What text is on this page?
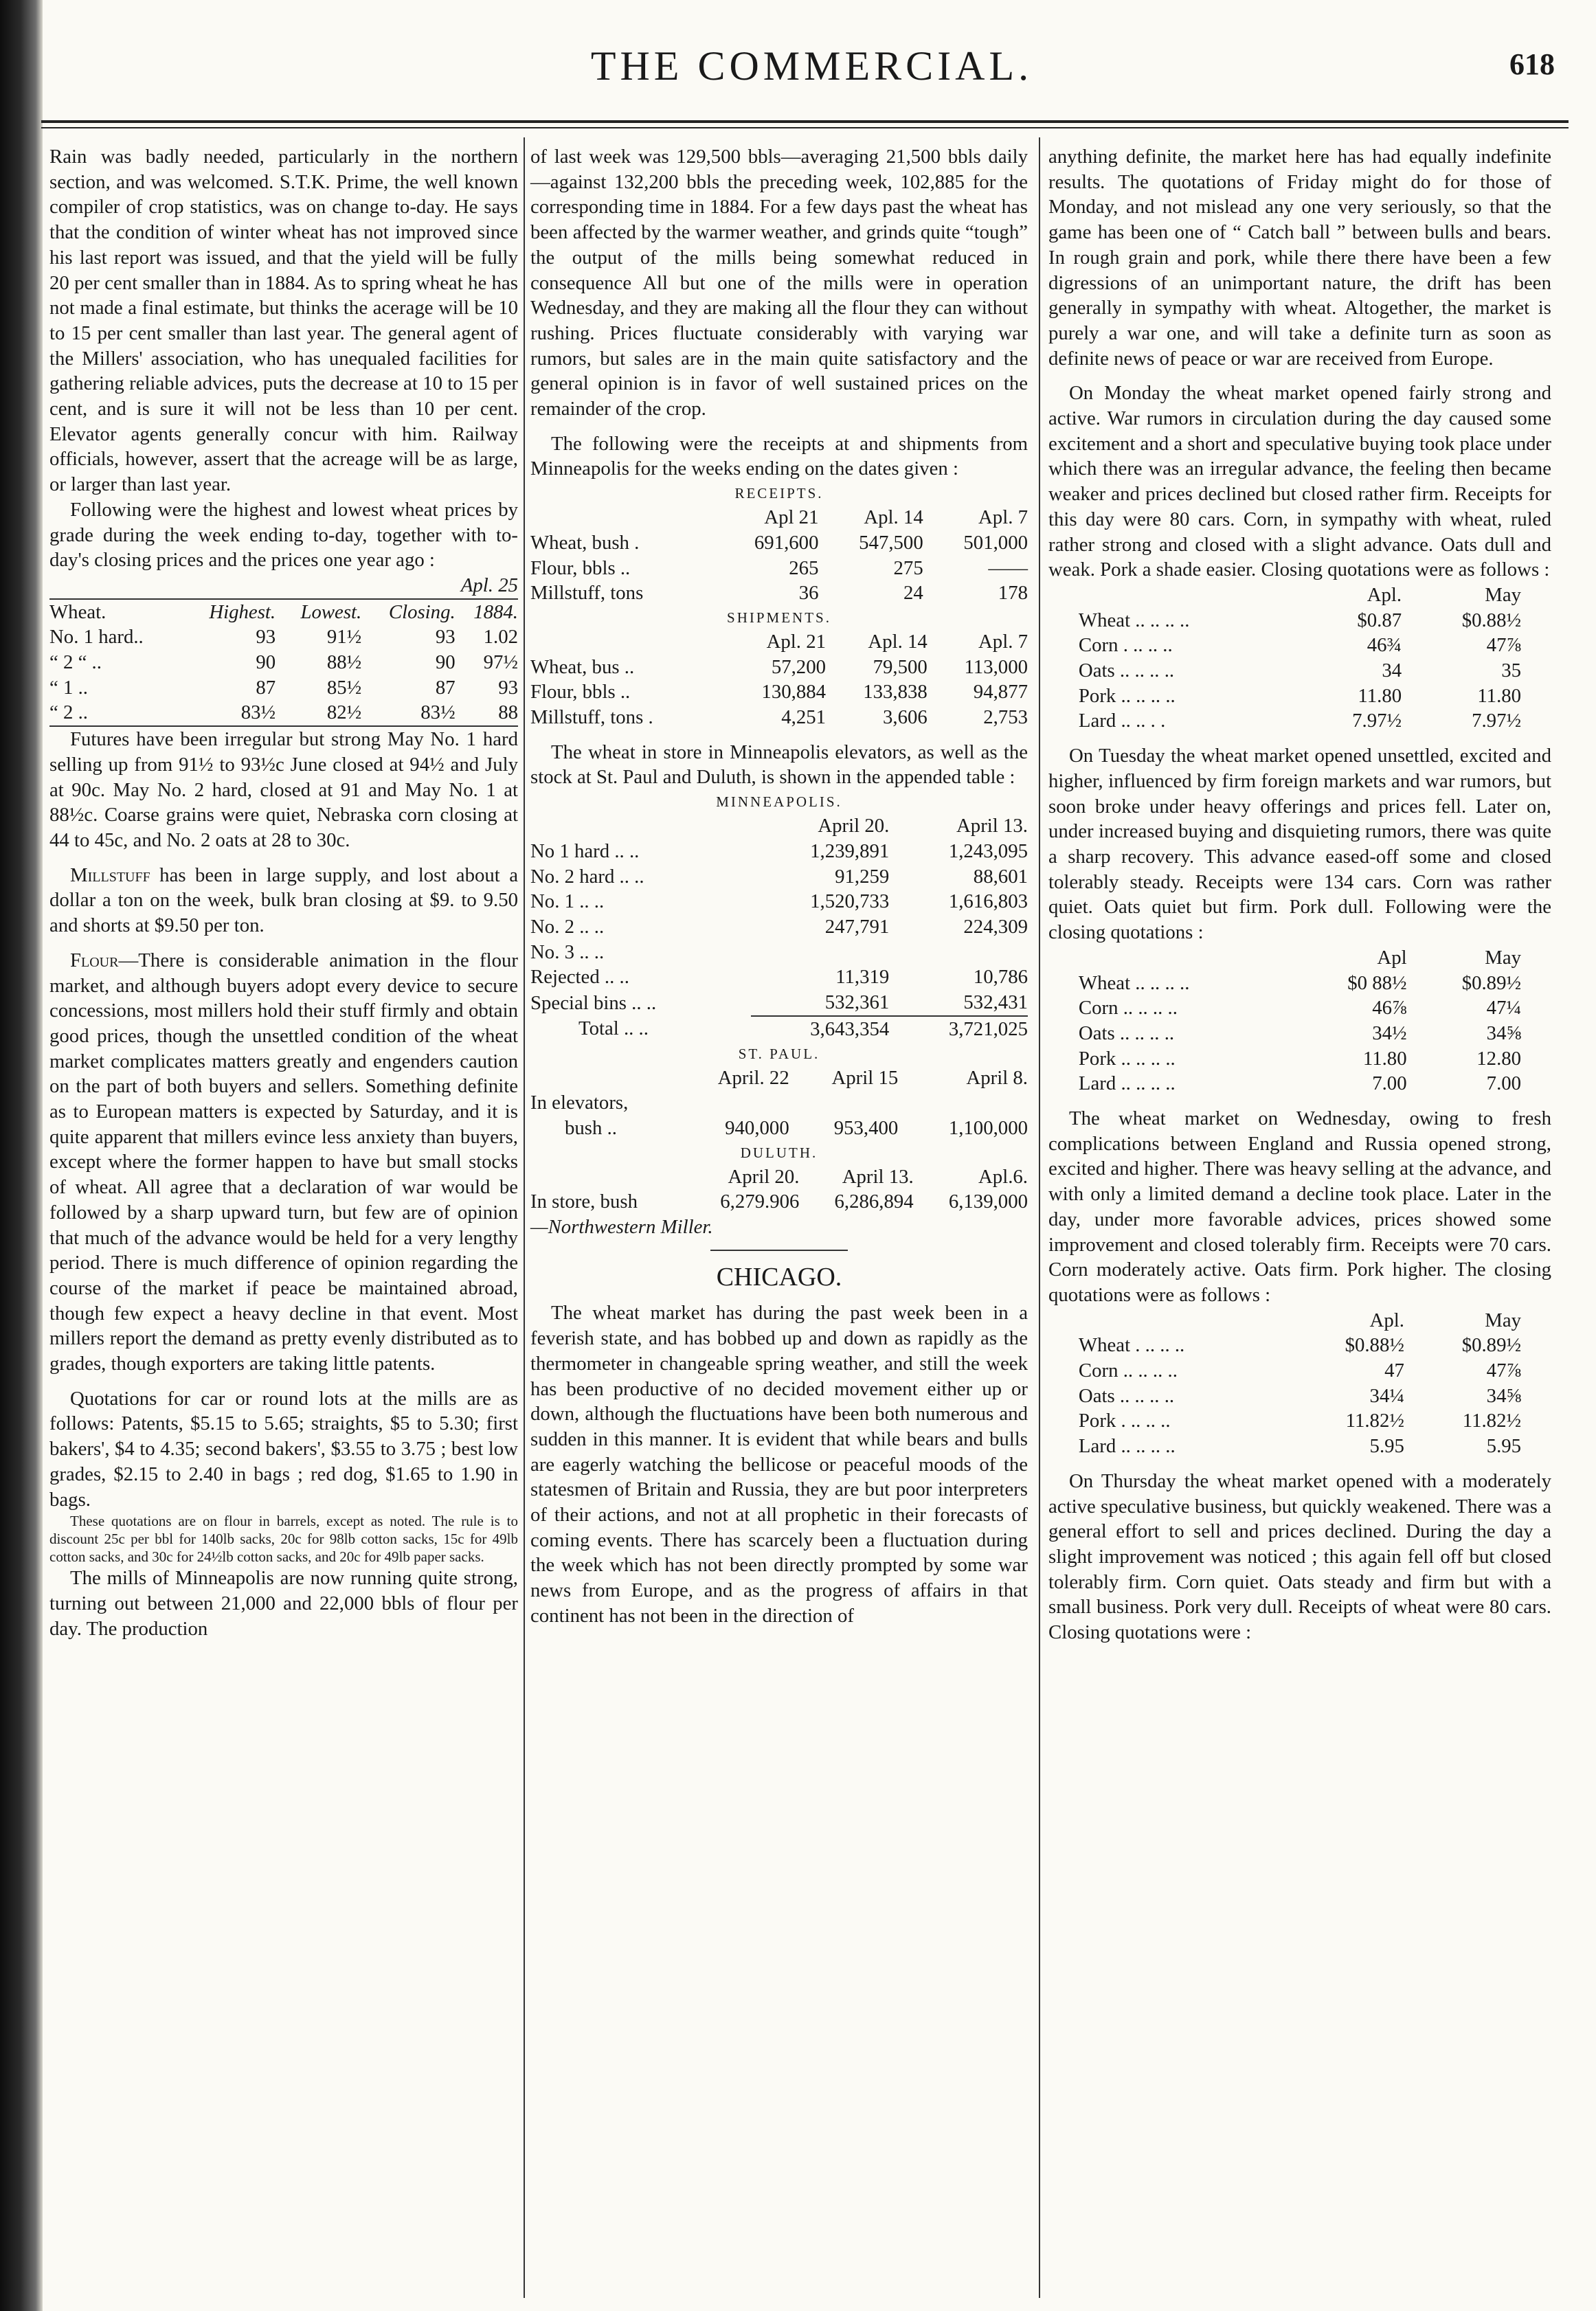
THE COMMERCIAL.	618

Rain was badly needed, particularly in the northern section, and was welcomed. S.T.K. Prime, the well known compiler of crop statistics, was on change to-day. He says that the condition of winter wheat has not improved since his last report was issued, and that the yield will be fully 20 per cent smaller than in 1884. As to spring wheat he has not made a final estimate, but thinks the acerage will be 10 to 15 per cent smaller than last year. The general agent of the Millers' association, who has unequaled facilities for gathering reliable advices, puts the decrease at 10 to 15 per cent, and is sure it will not be less than 10 per cent. Elevator agents generally concur with him. Railway officials, however, assert that the acreage will be as large, or larger than last year.

Following were the highest and lowest wheat prices by grade during the week ending to-day, together with to-day's closing prices and the prices one year ago :

Apl. 25
Wheat.	Highest.	Lowest.	Closing.	1884.
No. 1 hard..	93	91½	93	1.02
“ 2 “ ..	90	88½	90	97½
“ 1 ..	87	85½	87	93
“ 2 ..	83½	82½	83½	88

Futures have been irregular but strong May No. 1 hard selling up from 91½ to 93½c June closed at 94½ and July at 90c. May No. 2 hard, closed at 91 and May No. 1 at 88½c. Coarse grains were quiet, Nebraska corn closing at 44 to 45c, and No. 2 oats at 28 to 30c.

Millstuff has been in large supply, and lost about a dollar a ton on the week, bulk bran closing at $9. to 9.50 and shorts at $9.50 per ton.

Flour—There is considerable animation in the flour market, and although buyers adopt every device to secure concessions, most millers hold their stuff firmly and obtain good prices, though the unsettled condition of the wheat market complicates matters greatly and engenders caution on the part of both buyers and sellers. Something definite as to European matters is expected by Saturday, and it is quite apparent that millers evince less anxiety than buyers, except where the former happen to have but small stocks of wheat. All agree that a declaration of war would be followed by a sharp upward turn, but few are of opinion that much of the advance would be held for a very lengthy period. There is much difference of opinion regarding the course of the market if peace be maintained abroad, though few expect a heavy decline in that event. Most millers report the demand as pretty evenly distributed as to grades, though exporters are taking little patents.

Quotations for car or round lots at the mills are as follows: Patents, $5.15 to 5.65; straights, $5 to 5.30; first bakers', $4 to 4.35; second bakers', $3.55 to 3.75 ; best low grades, $2.15 to 2.40 in bags ; red dog, $1.65 to 1.90 in bags.

These quotations are on flour in barrels, except as noted. The rule is to discount 25c per bbl for 140lb sacks, 20c for 98lb cotton sacks, 15c for 49lb cotton sacks, and 30c for 24½lb cotton sacks, and 20c for 49lb paper sacks.

The mills of Minneapolis are now running quite strong, turning out between 21,000 and 22,000 bbls of flour per day. The production

of last week was 129,500 bbls—averaging 21,500 bbls daily—against 132,200 bbls the preceding week, 102,885 for the corresponding time in 1884. For a few days past the wheat has been affected by the warmer weather, and grinds quite “tough” the output of the mills being somewhat reduced in consequence All but one of the mills were in operation Wednesday, and they are making all the flour they can without rushing. Prices fluctuate considerably with varying war rumors, but sales are in the main quite satisfactory and the general opinion is in favor of well sustained prices on the remainder of the crop.

The following were the receipts at and shipments from Minneapolis for the weeks ending on the dates given :

RECEIPTS.
	Apl 21	Apl. 14	Apl. 7
Wheat, bush .	691,600	547,500	501,000
Flour, bbls ..	265	275	——
Millstuff, tons	36	24	178
SHIPMENTS.
	Apl. 21	Apl. 14	Apl. 7
Wheat, bus ..	57,200	79,500	113,000
Flour, bbls ..	130,884	133,838	94,877
Millstuff, tons .	4,251	3,606	2,753

The wheat in store in Minneapolis elevators, as well as the stock at St. Paul and Duluth, is shown in the appended table :

MINNEAPOLIS.
	April 20.	April 13.
No 1 hard .. ..	1,239,891	1,243,095
No. 2 hard .. ..	91,259	88,601
No. 1 .. ..	1,520,733	1,616,803
No. 2 .. ..	247,791	224,309
No. 3 .. ..		
Rejected .. ..	11,319	10,786
Special bins .. ..	532,361	532,431
Total .. ..	3,643,354	3,721,025
ST. PAUL.
	April. 22	April 15	April 8.
In elevators,			
bush ..	940,000	953,400	1,100,000
DULUTH.
	April 20.	April 13.	Apl.6.
In store, bush	6,279.906	6,286,894	6,139,000
—Northwestern Miller.
CHICAGO.

The wheat market has during the past week been in a feverish state, and has bobbed up and down as rapidly as the thermometer in changeable spring weather, and still the week has been productive of no decided movement either up or down, although the fluctuations have been both numerous and sudden in this manner. It is evident that while bears and bulls are eagerly watching the bellicose or peaceful moods of the statesmen of Britain and Russia, they are but poor interpreters of their actions, and not at all prophetic in their forecasts of coming events. There has scarcely been a fluctuation during the week which has not been directly prompted by some war news from Europe, and as the progress of affairs in that continent has not been in the direction of

anything definite, the market here has had equally indefinite results. The quotations of Friday might do for those of Monday, and not mislead any one very seriously, so that the game has been one of “ Catch ball ” between bulls and bears. In rough grain and pork, while there there have been a few digressions of an unimportant nature, the drift has been generally in sympathy with wheat. Altogether, the market is purely a war one, and will take a definite turn as soon as definite news of peace or war are received from Europe.

On Monday the wheat market opened fairly strong and active. War rumors in circulation during the day caused some excitement and a short and speculative buying took place under which there was an irregular advance, the feeling then became weaker and prices declined but closed rather firm. Receipts for this day were 80 cars. Corn, in sympathy with wheat, ruled rather strong and closed with a slight advance. Oats dull and weak. Pork a shade easier. Closing quotations were as follows :

	Apl.	May
Wheat .. .. .. ..	$0.87	$0.88½
Corn . .. .. ..	46¾	47⅞
Oats .. .. .. ..	34	35
Pork .. .. .. ..	11.80	11.80
Lard .. .. . .	7.97½	7.97½

On Tuesday the wheat market opened unsettled, excited and higher, influenced by firm foreign markets and war rumors, but soon broke under heavy offerings and prices fell. Later on, under increased buying and disquieting rumors, there was quite a sharp recovery. This advance eased-off some and closed tolerably steady. Receipts were 134 cars. Corn was rather quiet. Oats quiet but firm. Pork dull. Following were the closing quotations :

	Apl	May
Wheat .. .. .. ..	$0 88½	$0.89½
Corn .. .. .. ..	46⅞	47¼
Oats .. .. .. ..	34½	34⅝
Pork .. .. .. ..	11.80	12.80
Lard .. .. .. ..	7.00	7.00

The wheat market on Wednesday, owing to fresh complications between England and Russia opened strong, excited and higher. There was heavy selling at the advance, and with only a limited demand a decline took place. Later in the day, under more favorable advices, prices showed some improvement and closed tolerably firm. Receipts were 70 cars. Corn moderately active. Oats firm. Pork higher. The closing quotations were as follows :

	Apl.	May
Wheat . .. .. ..	$0.88½	$0.89½
Corn .. .. .. ..	47	47⅞
Oats .. .. .. ..	34¼	34⅝
Pork . .. .. ..	11.82½	11.82½
Lard .. .. .. ..	5.95	5.95

On Thursday the wheat market opened with a moderately active speculative business, but quickly weakened. There was a general effort to sell and prices declined. During the day a slight improvement was noticed ; this again fell off but closed tolerably firm. Corn quiet. Oats steady and firm but with a small business. Pork very dull. Receipts of wheat were 80 cars. Closing quotations were :
